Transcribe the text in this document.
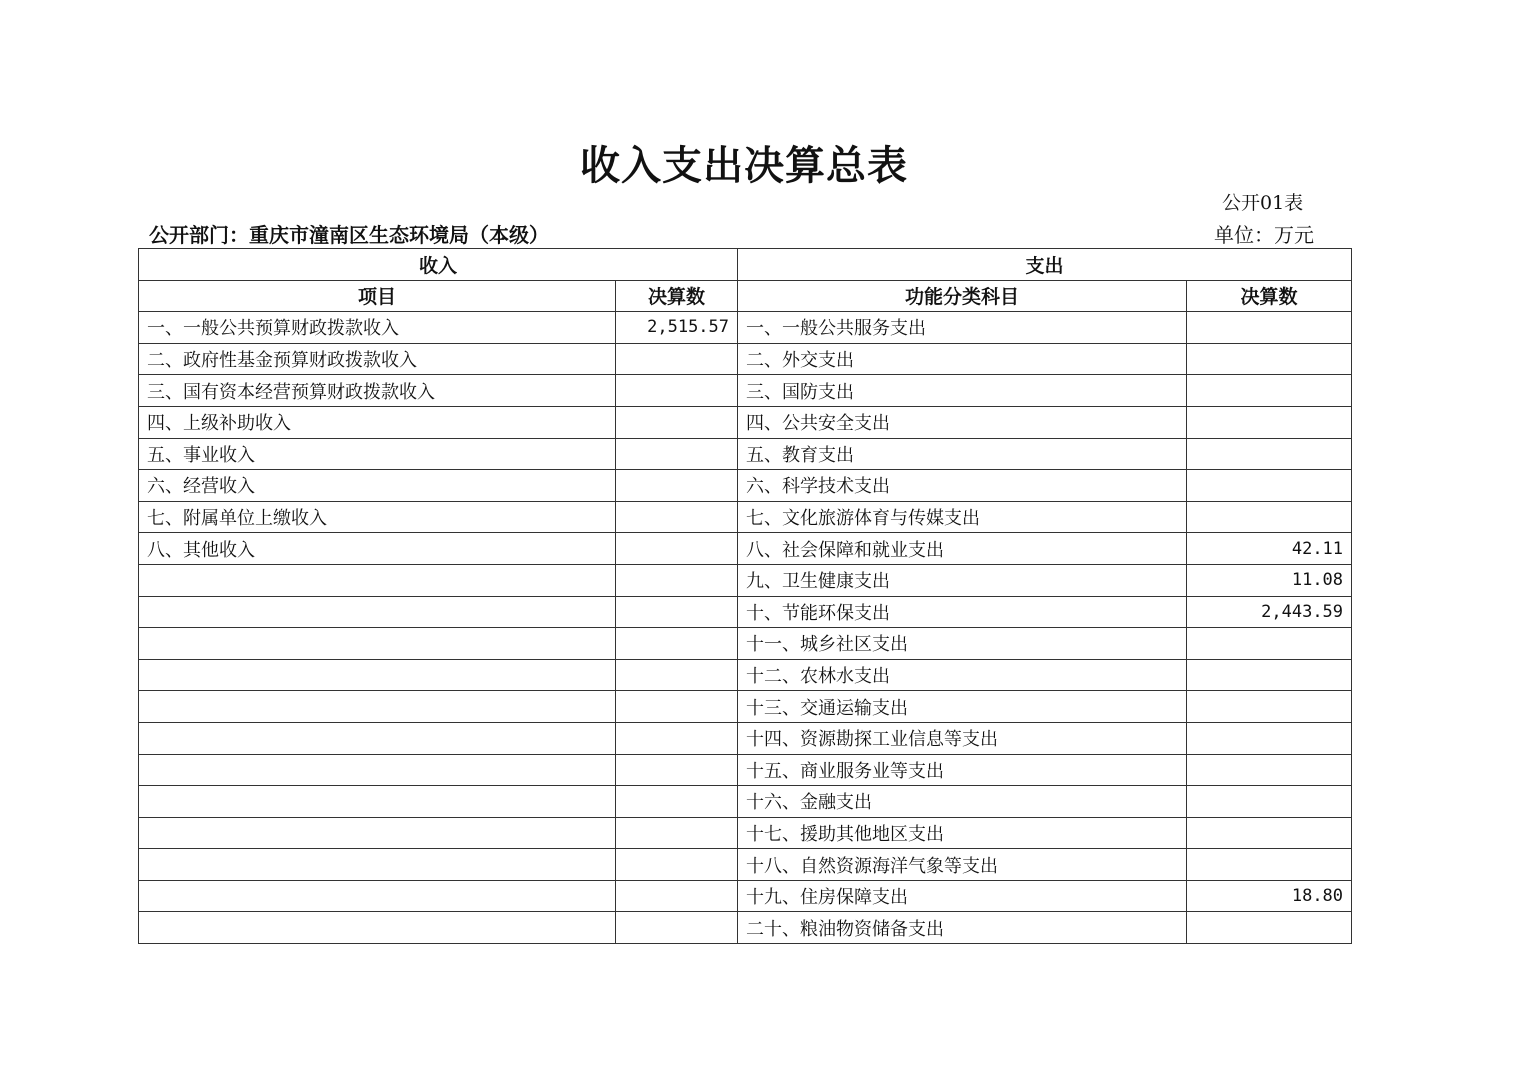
收入支出决算总表
公开01表
公开部门：重庆市潼南区生态环境局（本级）	单位：万元
收入		支出	
项目	决算数	功能分类科目	决算数
一、一般公共预算财政拨款收入	2,515.57	一、一般公共服务支出	
二、政府性基金预算财政拨款收入		二、外交支出	
三、国有资本经营预算财政拨款收入		三、国防支出	
四、上级补助收入		四、公共安全支出	
五、事业收入		五、教育支出	
六、经营收入		六、科学技术支出	
七、附属单位上缴收入		七、文化旅游体育与传媒支出	
八、其他收入		八、社会保障和就业支出	42.11
		九、卫生健康支出	11.08
		十、节能环保支出	2,443.59
		十一、城乡社区支出	
		十二、农林水支出	
		十三、交通运输支出	
		十四、资源勘探工业信息等支出	
		十五、商业服务业等支出	
		十六、金融支出	
		十七、援助其他地区支出	
		十八、自然资源海洋气象等支出	
		十九、住房保障支出	18.80
		二十、粮油物资储备支出	
